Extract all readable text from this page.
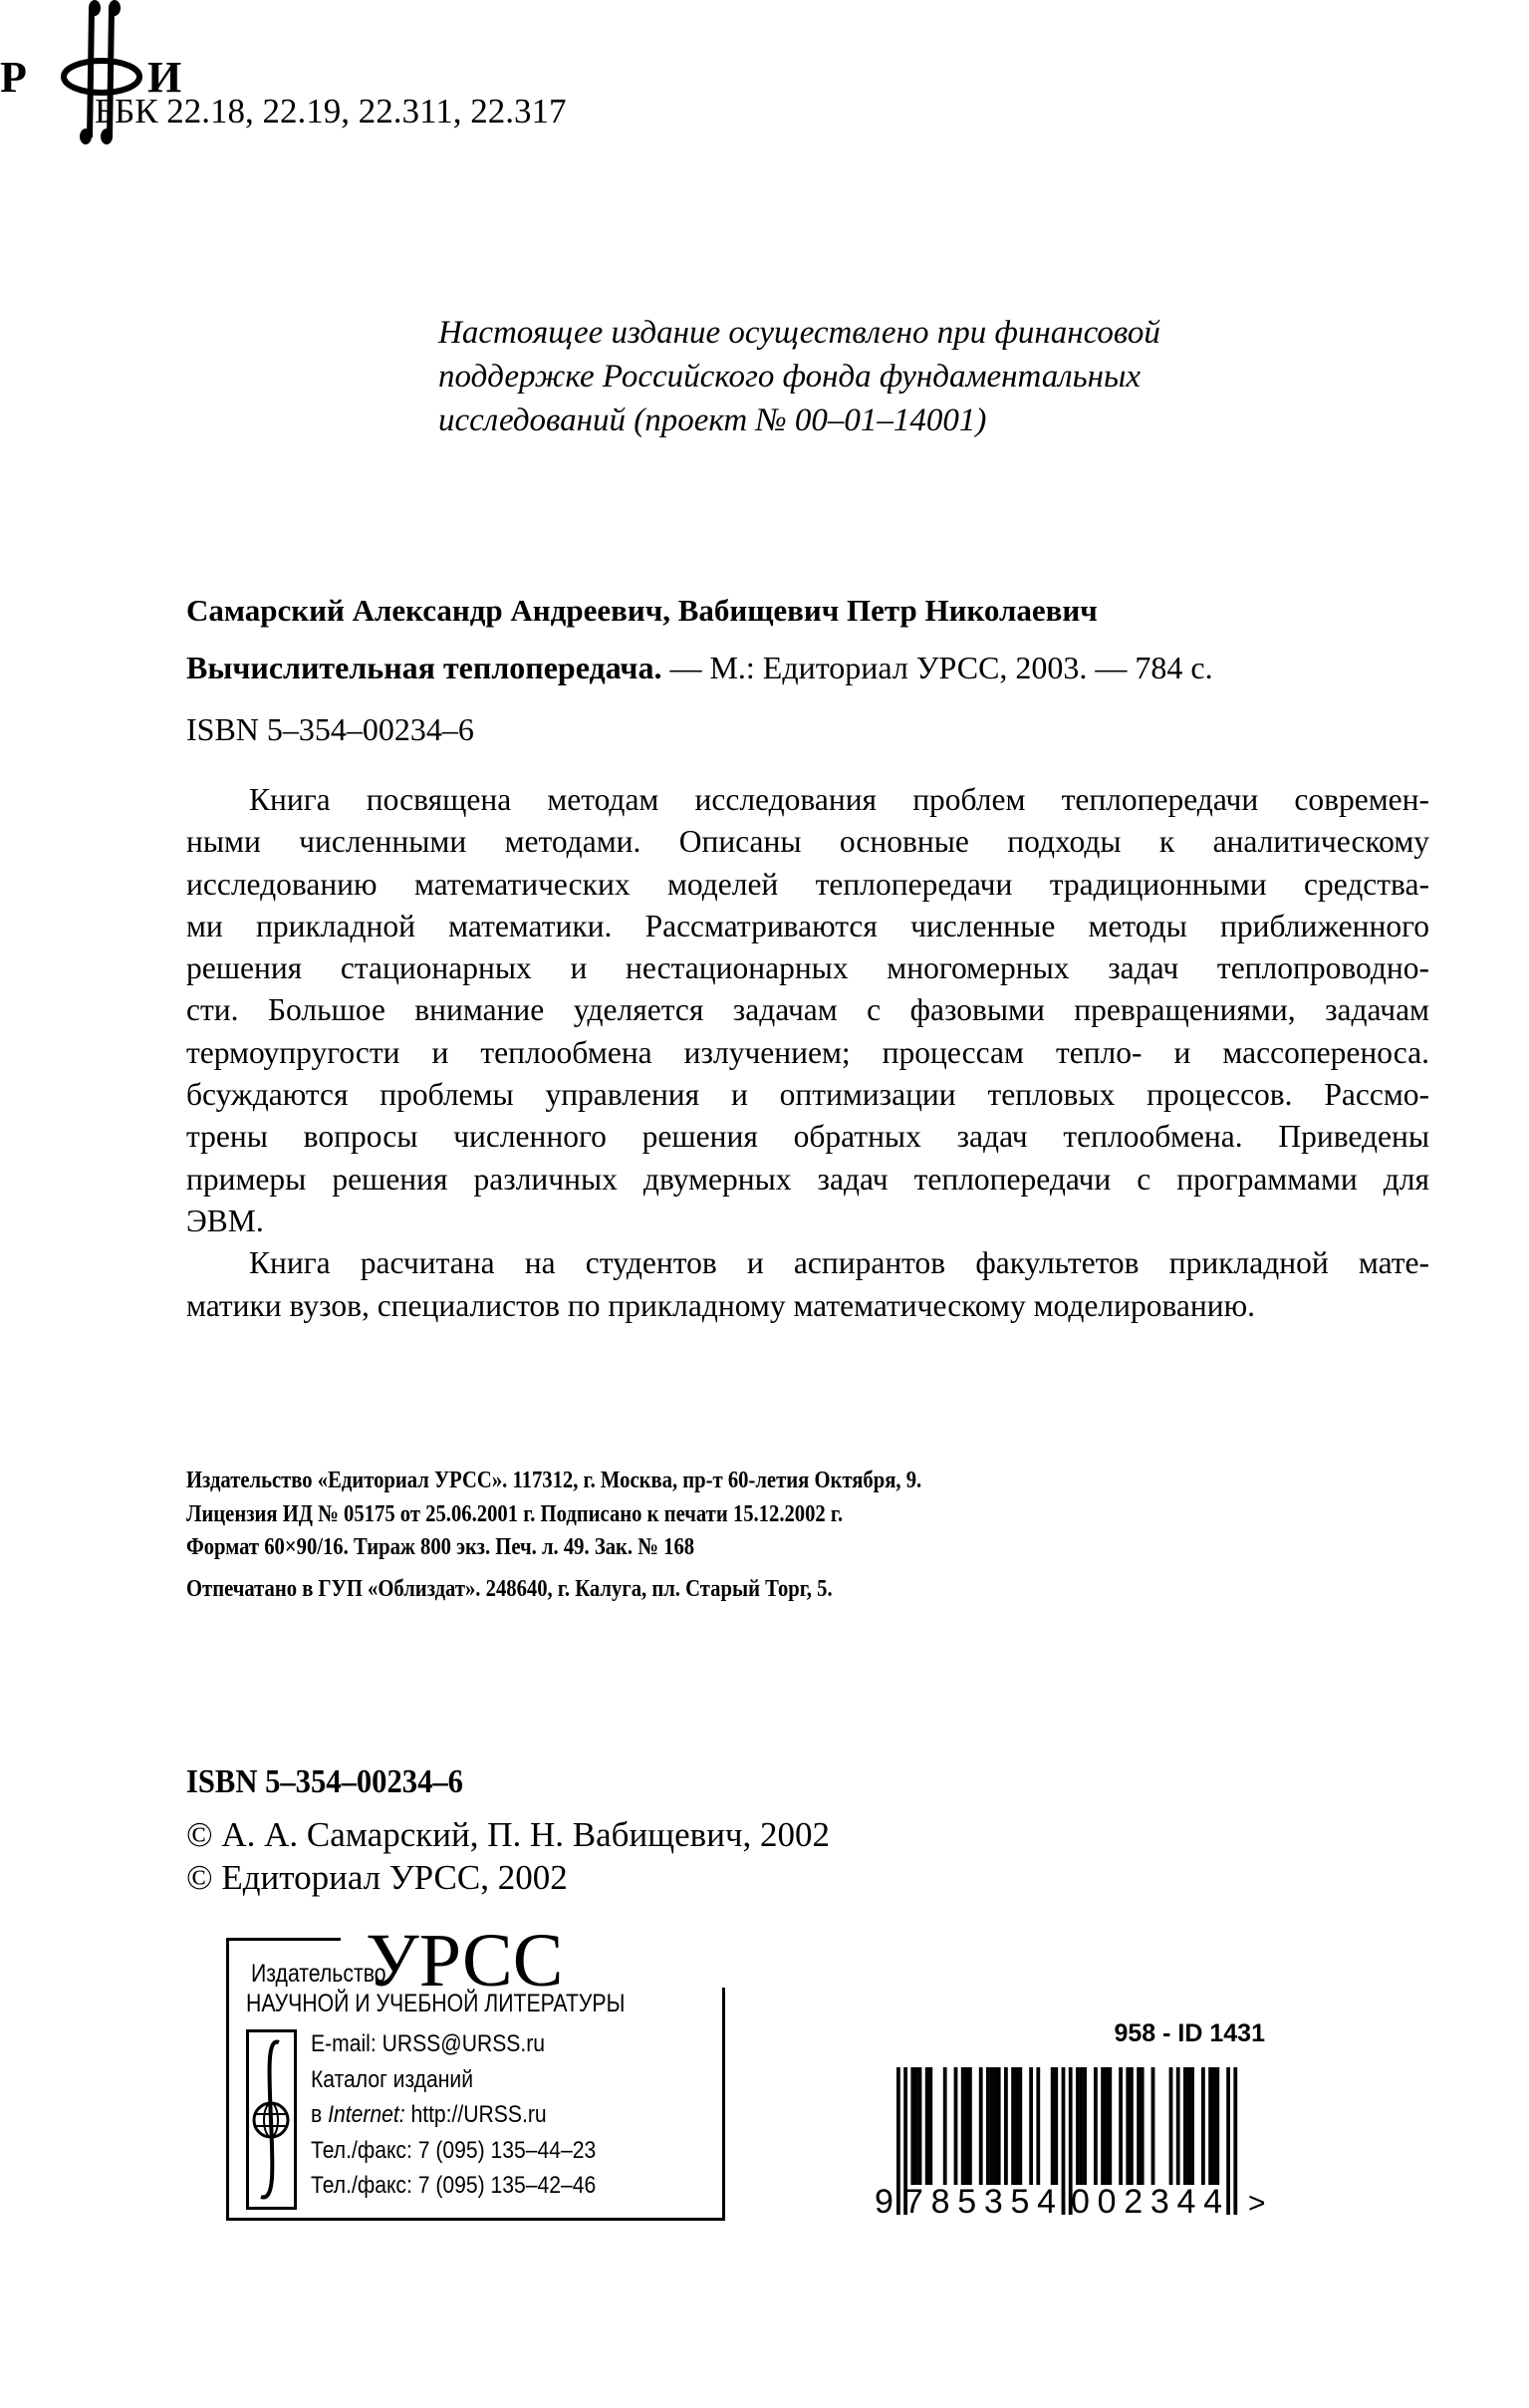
ББК 22.18, 22.19, 22.311, 22.317
Р	И
Настоящее издание осуществлено при финансовой
поддержке Российского фонда фундаментальных
исследований (проект № 00–01–14001)
Самарский Александр Андреевич, Вабищевич Петр Николаевич
Вычислительная теплопередача. — М.: Едиториал УРСС, 2003. — 784 с.
ISBN 5–354–00234–6
Книга посвящена методам исследования проблем теплопередачи современ-
ными численными методами. Описаны основные подходы к аналитическому
исследованию математических моделей теплопередачи традиционными средства-
ми прикладной математики. Рассматриваются численные методы приближенного
решения стационарных и нестационарных многомерных задач теплопроводно-
сти. Большое внимание уделяется задачам с фазовыми превращениями, задачам
термоупругости и теплообмена излучением; процессам тепло- и массопереноса.
бсуждаются проблемы управления и оптимизации тепловых процессов. Рассмо-
трены вопросы численного решения обратных задач теплообмена. Приведены
примеры решения различных двумерных задач теплопередачи с программами для
ЭВМ.
Книга расчитана на студентов и аспирантов факультетов прикладной мате-
матики вузов, специалистов по прикладному математическому моделированию.
Издательство «Едиториал УРСС». 117312, г. Москва, пр-т 60-летия Октября, 9.
Лицензия ИД № 05175 от 25.06.2001 г. Подписано к печати 15.12.2002 г.
Формат 60×90/16. Тираж 800 экз. Печ. л. 49. Зак. № 168
Отпечатано в ГУП «Облиздат». 248640, г. Калуга, пл. Старый Торг, 5.
ISBN 5–354–00234–6
© А. А. Самарский, П. Н. Вабищевич, 2002
© Едиториал УРСС, 2002
Издательство
УРСС
НАУЧНОЙ И УЧЕБНОЙ ЛИТЕРАТУРЫ
E-mail: URSS@URSS.ru
Каталог изданий
в Internet: http://URSS.ru
Тел./факс: 7 (095) 135–44–23
Тел./факс: 7 (095) 135–42–46
958 - ID 1431
9 785354 002344 >
